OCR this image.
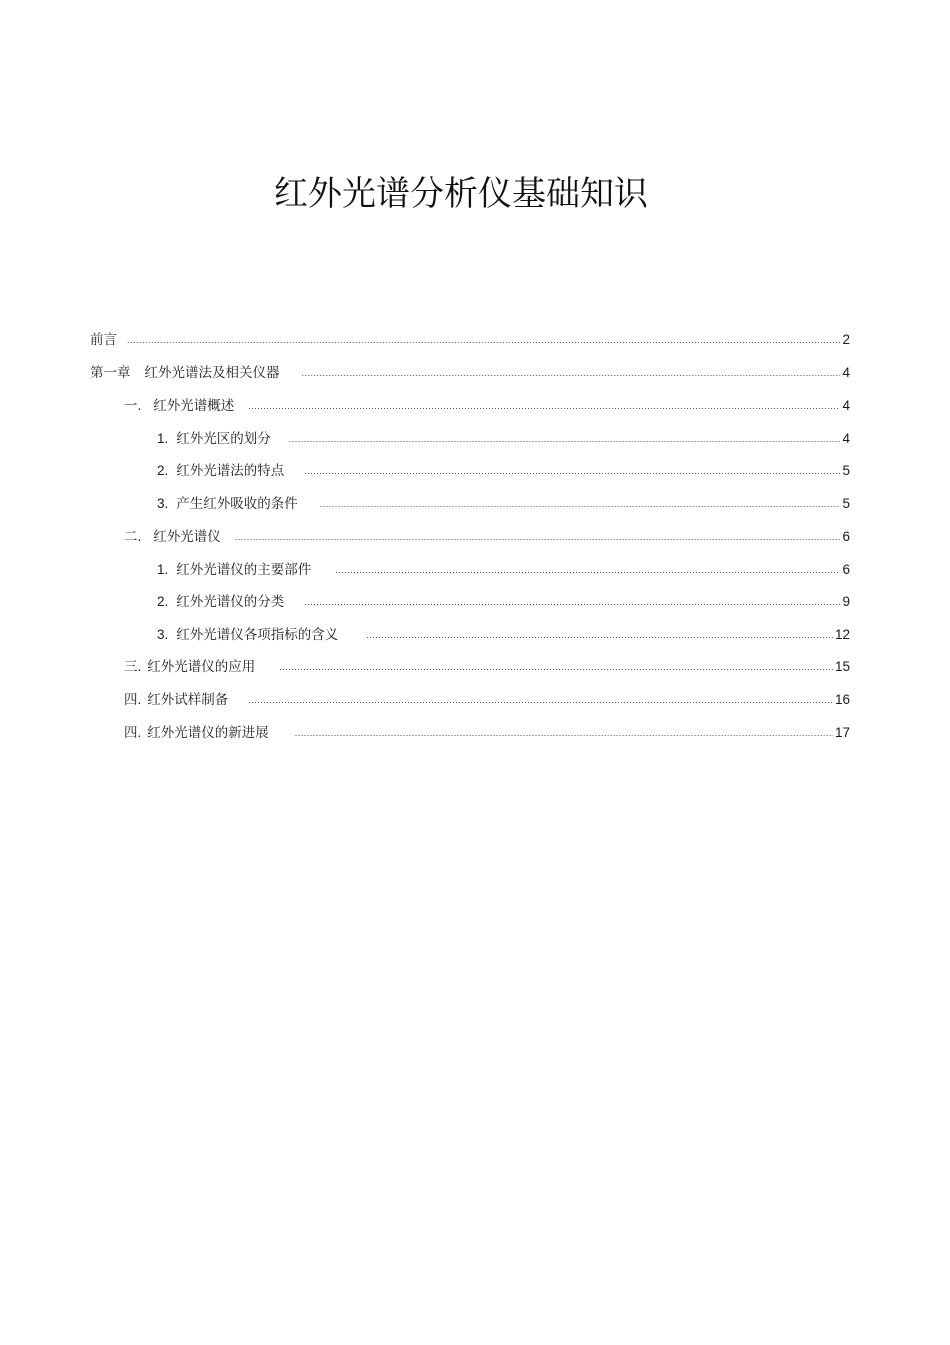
红外光谱分析仪基础知识
前言 .....	2
第一章 红外光谱法及相关仪器 .....	4
一. 红外光谱概述 .....	4
1. 红外光区的划分 .....	4
2. 红外光谱法的特点 .....	5
3. 产生红外吸收的条件 .....	5
二. 红外光谱仪 .....	6
1. 红外光谱仪的主要部件 .....	6
2. 红外光谱仪的分类 .....	9
3. 红外光谱仪各项指标的含义 .....	12
三. 红外光谱仪的应用 .....	15
四. 红外试样制备 .....	16
四. 红外光谱仪的新进展 .....	17
